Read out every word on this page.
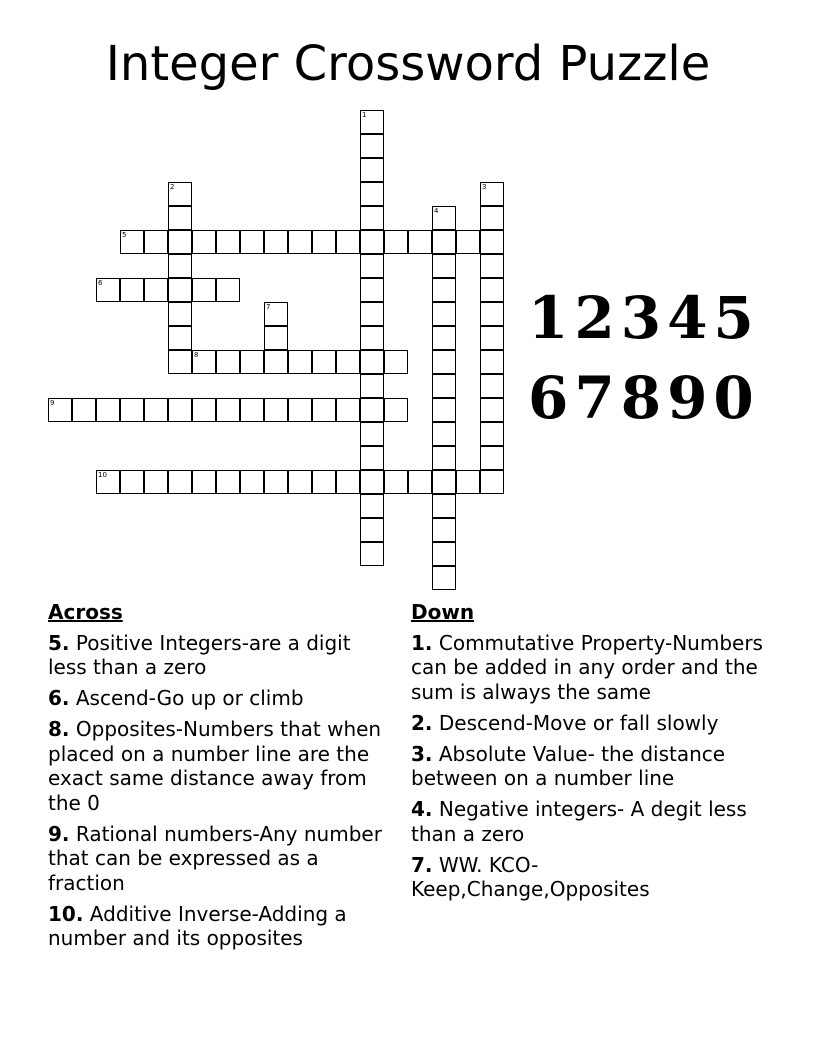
Integer Crossword Puzzle
1
2	3
4
5
6
7
8
9
10
12345
67890
Across
5. Positive Integers-are a digit less than a zero
6. Ascend-Go up or climb
8. Opposites-Numbers that when placed on a number line are the exact same distance away from the 0
9. Rational numbers-Any number that can be expressed as a fraction
10. Additive Inverse-Adding a number and its opposites
Down
1. Commutative Property-Numbers can be added in any order and the sum is always the same
2. Descend-Move or fall slowly
3. Absolute Value- the distance between on a number line
4. Negative integers- A degit less than a zero
7. WW. KCO-Keep,Change,Opposites
